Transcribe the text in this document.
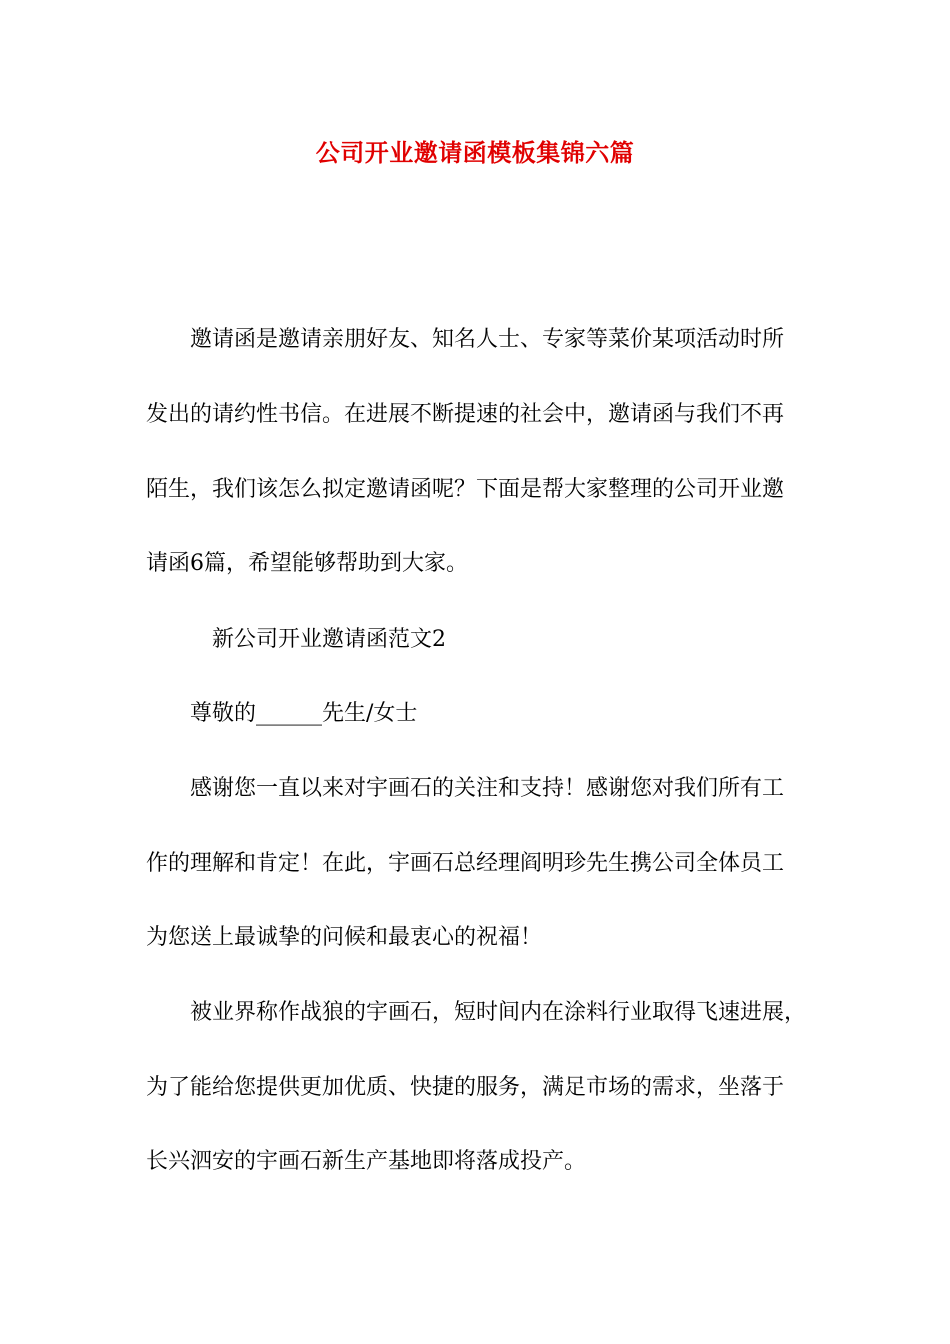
公司开业邀请函模板集锦六篇
邀请函是邀请亲朋好友、知名人士、专家等菜价某项活动时所
发出的请约性书信。在进展不断提速的社会中，邀请函与我们不再
陌生，我们该怎么拟定邀请函呢？下面是帮大家整理的公司开业邀
请函6篇，希望能够帮助到大家。
新公司开业邀请函范文2
尊敬的______先生/女士
感谢您一直以来对宇画石的关注和支持！感谢您对我们所有工
作的理解和肯定！在此，宇画石总经理阎明珍先生携公司全体员工
为您送上最诚挚的问候和最衷心的祝福！
被业界称作战狼的宇画石，短时间内在涂料行业取得飞速进展，
为了能给您提供更加优质、快捷的服务，满足市场的需求，坐落于
长兴泗安的宇画石新生产基地即将落成投产。
